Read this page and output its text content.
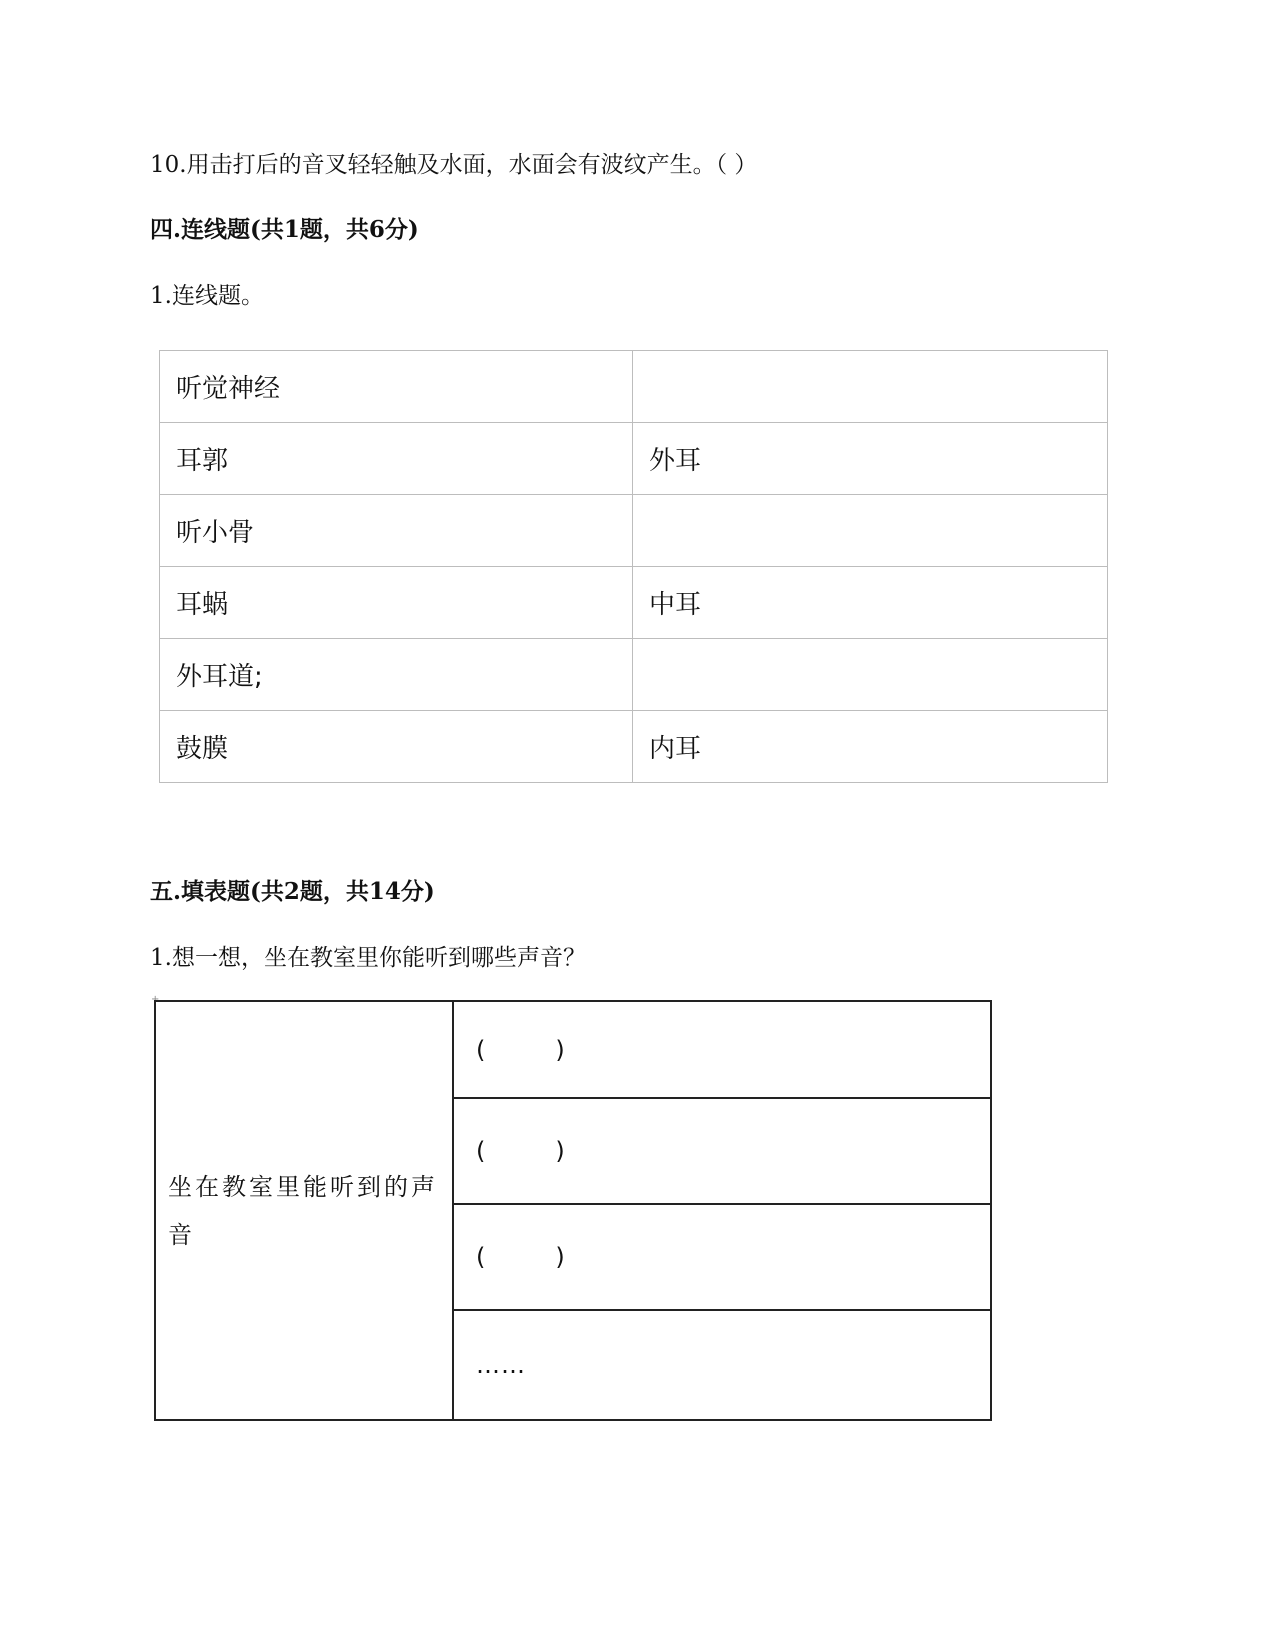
10.用击打后的音叉轻轻触及水面，水面会有波纹产生。（ ）
四.连线题(共1题，共6分)
1.连线题。
听觉神经	
耳郭	外耳
听小骨	
耳蜗	中耳
外耳道;	
鼓膜	内耳
五.填表题(共2题，共14分)
1.想一想，坐在教室里你能听到哪些声音？
+
坐在教室里能听到的声音	(        )
(        )
(        )
……
